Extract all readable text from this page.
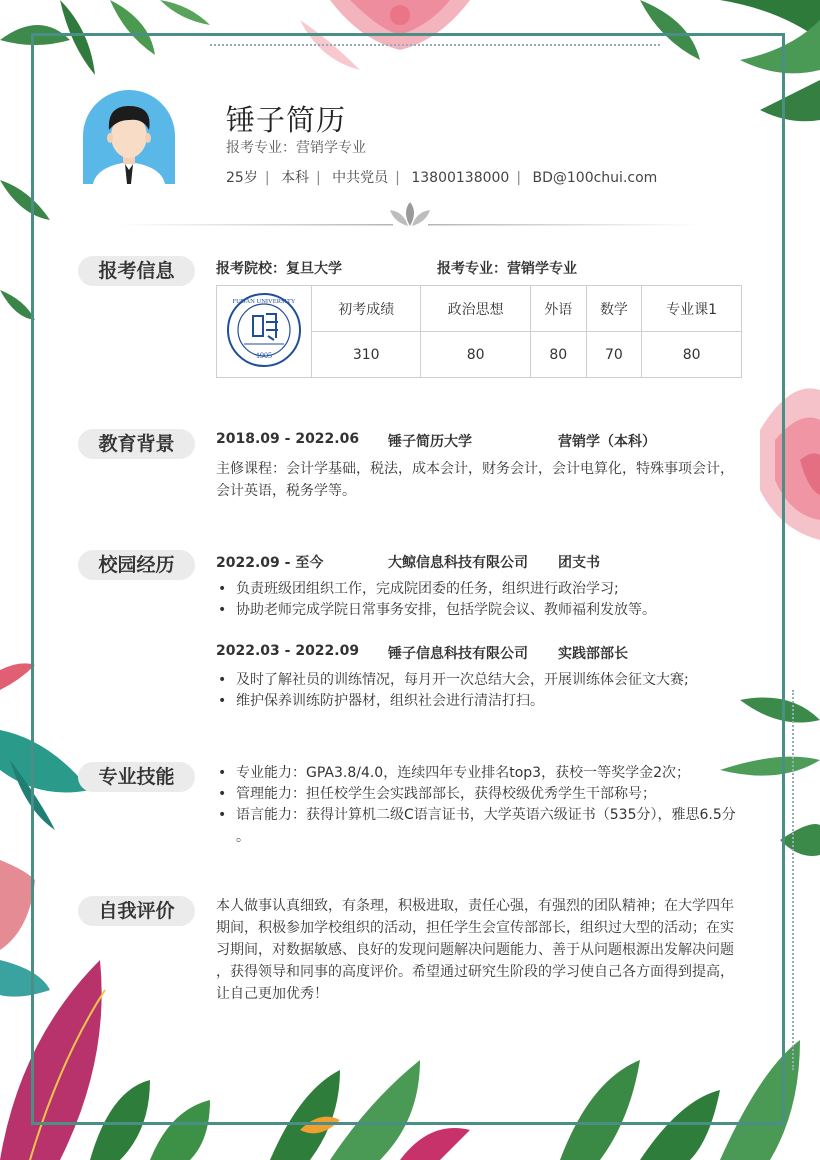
锤子简历
报考专业：营销学专业
25岁 | 本科 | 中共党员 | 13800138000 | BD@100chui.com
报考信息	报考院校：复旦大学	报考专业：营销学专业
FUDAN UNIVERSITY
1905	初考成绩	政治思想	外语	数学	专业课1
	310	80	80	70	80
教育背景	2018.09 - 2022.06 锤子简历大学	营销学（本科）
主修课程：会计学基础，税法，成本会计，财务会计，会计电算化，特殊事项会计，
会计英语，税务学等。
校园经历	2022.09 - 至今	大鲸信息科技有限公司 团支书
• 负责班级团组织工作，完成院团委的任务，组织进行政治学习;
• 协助老师完成学院日常事务安排，包括学院会议、教师福利发放等。
2022.03 - 2022.09 锤子信息科技有限公司 实践部部长
• 及时了解社员的训练情况，每月开一次总结大会，开展训练体会征文大赛;
• 维护保养训练防护器材，组织社会进行清洁打扫。
专业技能	• 专业能力：GPA3.8/4.0，连续四年专业排名top3，获校一等奖学金2次；
• 管理能力：担任校学生会实践部部长，获得校级优秀学生干部称号；
• 语言能力：获得计算机二级C语言证书，大学英语六级证书（535分），雅思6.5分
。
自我评价	本人做事认真细致，有条理，积极进取，责任心强，有强烈的团队精神；在大学四年
期间，积极参加学校组织的活动，担任学生会宣传部部长，组织过大型的活动；在实
习期间，对数据敏感、良好的发现问题解决问题能力、善于从问题根源出发解决问题
，获得领导和同事的高度评价。希望通过研究生阶段的学习使自己各方面得到提高，
让自己更加优秀！
